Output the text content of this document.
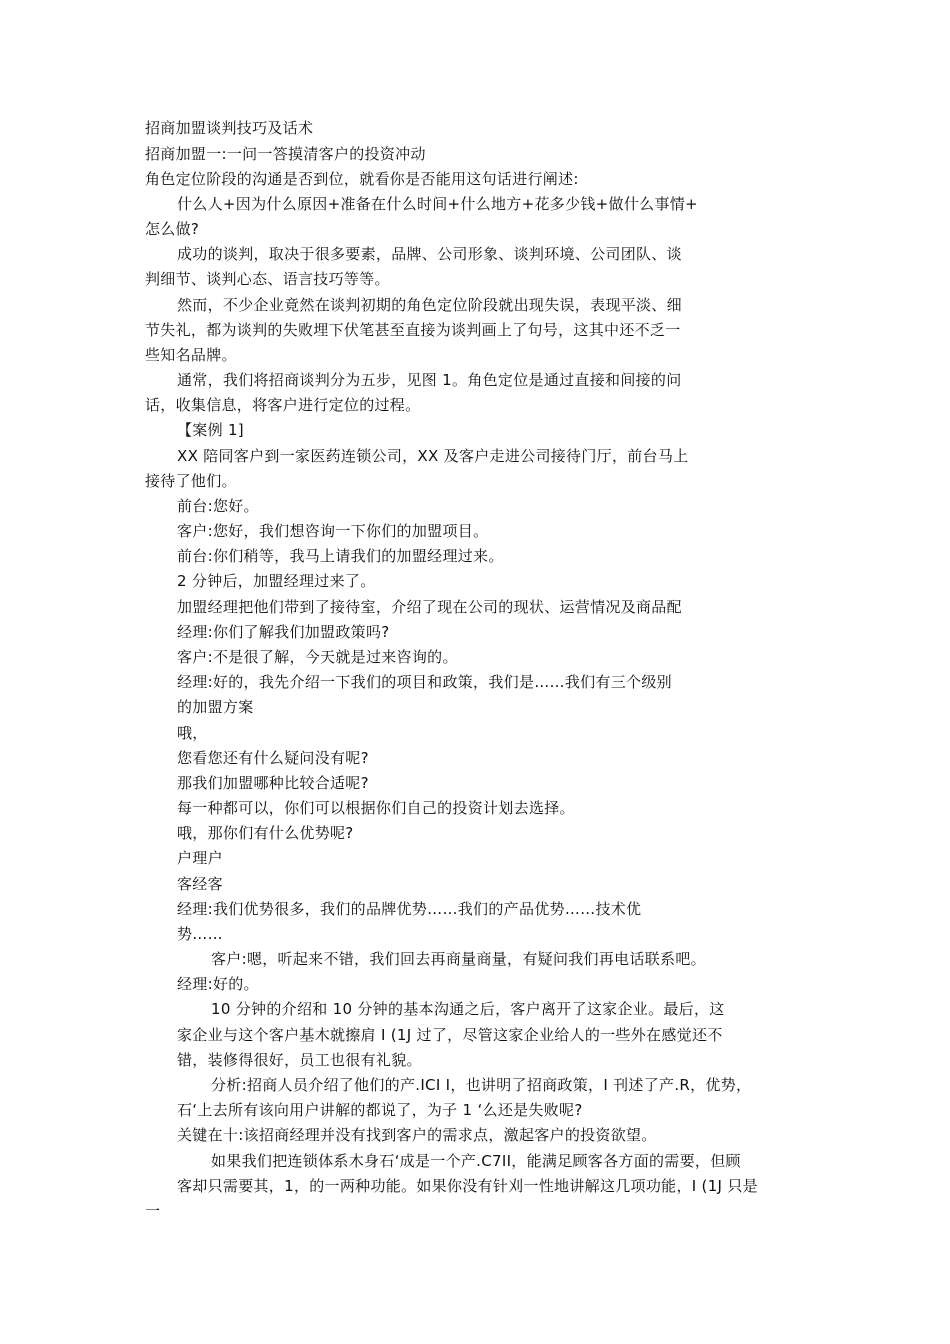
招商加盟谈判技巧及话术
招商加盟一:一问一答摸清客户的投资冲动
角色定位阶段的沟通是否到位，就看你是否能用这句话进行阐述:
什么人+因为什么原因+准备在什么时间+什么地方+花多少钱+做什么事情+
怎么做?
成功的谈判，取决于很多要素，品牌、公司形象、谈判环境、公司团队、谈
判细节、谈判心态、语言技巧等等。
然而，不少企业竟然在谈判初期的角色定位阶段就出现失误，表现平淡、细
节失礼，都为谈判的失败埋下伏笔甚至直接为谈判画上了句号，这其中还不乏一
些知名品牌。
通常，我们将招商谈判分为五步，见图 1。角色定位是通过直接和间接的问
话，收集信息，将客户进行定位的过程。
【案例 1]
XX 陪同客户到一家医药连锁公司，XX 及客户走进公司接待门厅，前台马上
接待了他们。
前台:您好。
客户:您好，我们想咨询一下你们的加盟项目。
前台:你们稍等，我马上请我们的加盟经理过来。
2 分钟后，加盟经理过来了。
加盟经理把他们带到了接待室，介绍了现在公司的现状、运营情况及商品配
经理:你们了解我们加盟政策吗?
客户:不是很了解，今天就是过来咨询的。
经理:好的，我先介绍一下我们的项目和政策，我们是……我们有三个级别
的加盟方案
哦，
您看您还有什么疑问没有呢?
那我们加盟哪种比较合适呢?
每一种都可以，你们可以根据你们自己的投资计划去选择。
哦，那你们有什么优势呢?
户理户
客经客
经理:我们优势很多，我们的品牌优势……我们的产品优势……技术优
势……
客户:嗯，听起来不错，我们回去再商量商量，有疑问我们再电话联系吧。
经理:好的。
10 分钟的介绍和 10 分钟的基本沟通之后，客户离开了这家企业。最后，这
家企业与这个客户基木就擦肩 I (1J 过了，尽管这家企业给人的一些外在感觉还不
错，装修得很好，员工也很有礼貌。
分析:招商人员介绍了他们的产.ICI I，也讲明了招商政策，I 刊述了产.R，优势，
石‘上去所有该向用户讲解的都说了，为子 1 ‘么还是失败呢?
关键在十:该招商经理并没有找到客户的需求点，激起客户的投资欲望。
如果我们把连锁体系木身石‘成是一个产.C7II，能满足顾客各方面的需要，但顾
客却只需要其，1，的一两种功能。如果你没有针刈一性地讲解这几项功能，I (1J 只是
一
